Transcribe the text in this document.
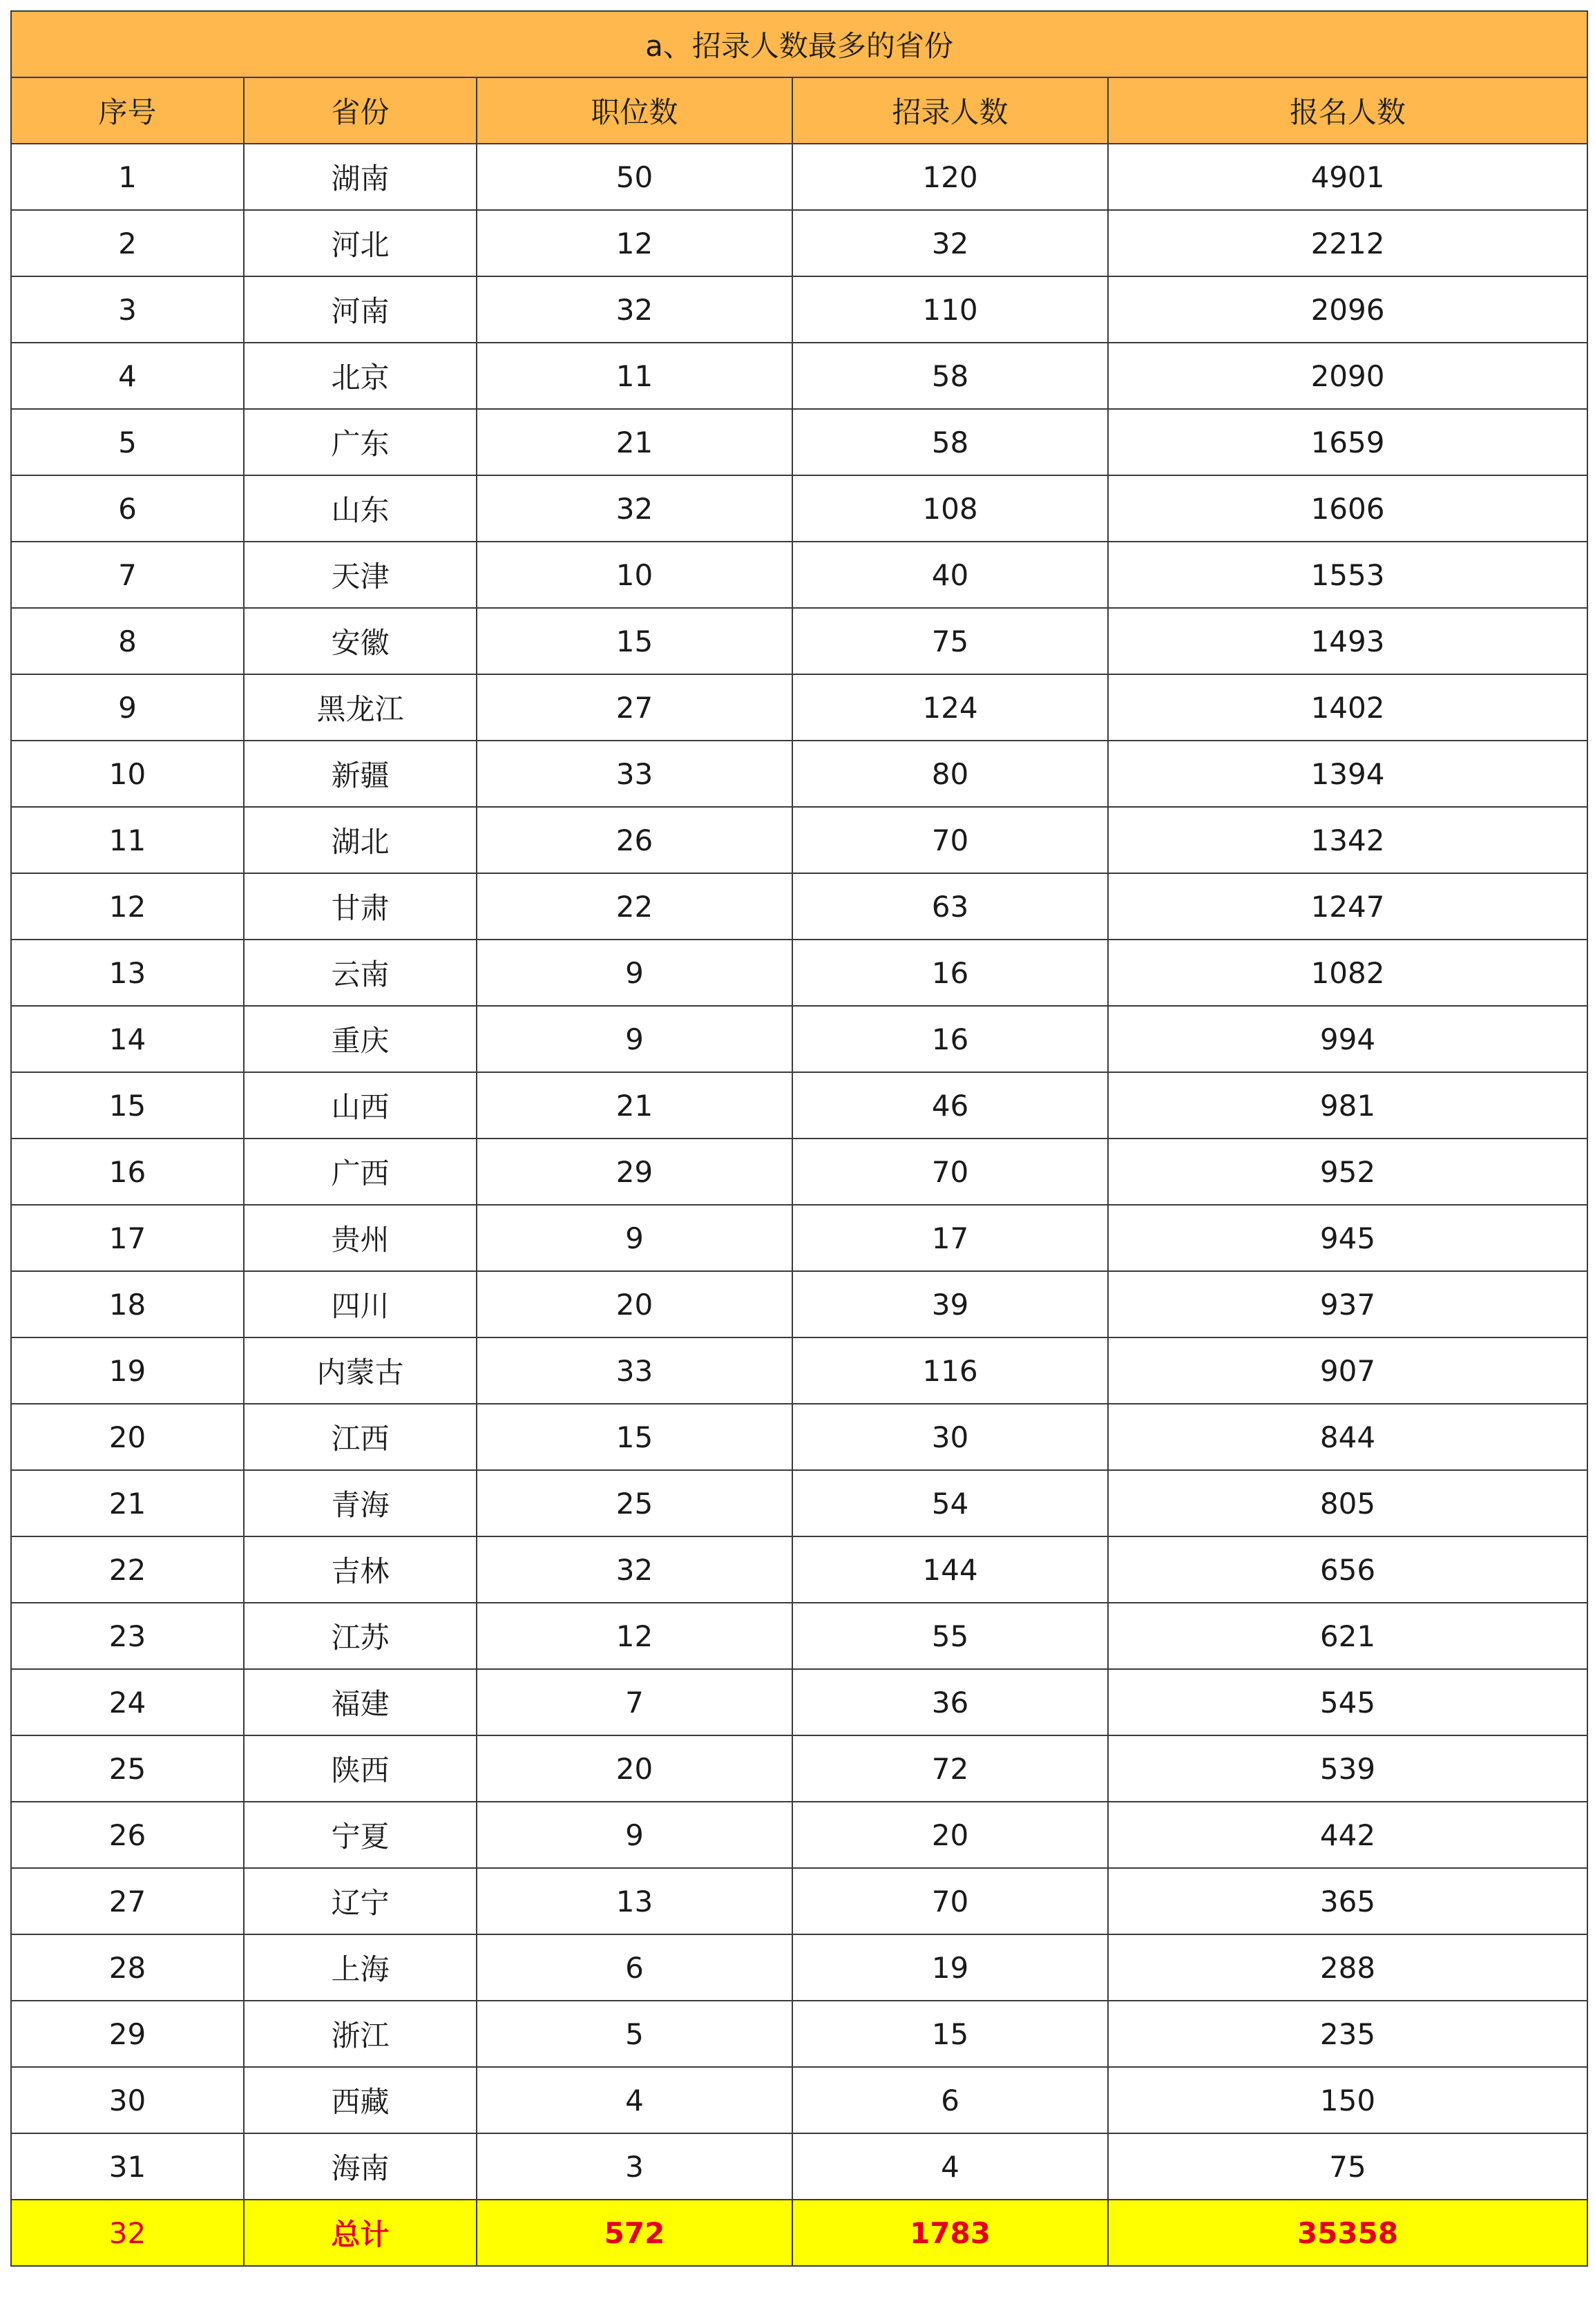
a、招录人数最多的省份				
序号	省份	职位数	招录人数	报名人数
1	湖南	50	120	4901
2	河北	12	32	2212
3	河南	32	110	2096
4	北京	11	58	2090
5	广东	21	58	1659
6	山东	32	108	1606
7	天津	10	40	1553
8	安徽	15	75	1493
9	黑龙江	27	124	1402
10	新疆	33	80	1394
11	湖北	26	70	1342
12	甘肃	22	63	1247
13	云南	9	16	1082
14	重庆	9	16	994
15	山西	21	46	981
16	广西	29	70	952
17	贵州	9	17	945
18	四川	20	39	937
19	内蒙古	33	116	907
20	江西	15	30	844
21	青海	25	54	805
22	吉林	32	144	656
23	江苏	12	55	621
24	福建	7	36	545
25	陕西	20	72	539
26	宁夏	9	20	442
27	辽宁	13	70	365
28	上海	6	19	288
29	浙江	5	15	235
30	西藏	4	6	150
31	海南	3	4	75
32	总计	572	1783	35358
